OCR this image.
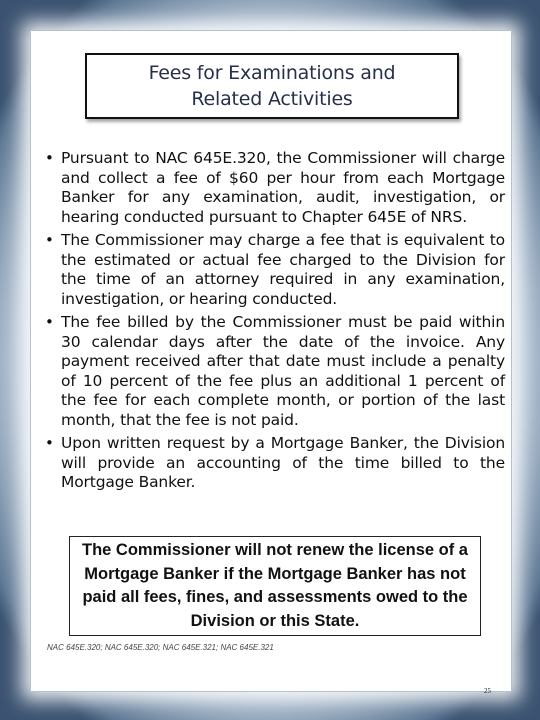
Fees for Examinations and
Related Activities
• Pursuant to NAC 645E.320, the Commissioner will charge and collect a fee of $60 per hour from each Mortgage Banker for any examination, audit, investigation, or hearing conducted pursuant to Chapter 645E of NRS.
• The Commissioner may charge a fee that is equivalent to the estimated or actual fee charged to the Division for the time of an attorney required in any examination, investigation, or hearing conducted.
• The fee billed by the Commissioner must be paid within 30 calendar days after the date of the invoice. Any payment received after that date must include a penalty of 10 percent of the fee plus an additional 1 percent of the fee for each complete month, or portion of the last month, that the fee is not paid.
• Upon written request by a Mortgage Banker, the Division will provide an accounting of the time billed to the Mortgage Banker.
The Commissioner will not renew the license of a Mortgage Banker if the Mortgage Banker has not paid all fees, fines, and assessments owed to the Division or this State.
NAC 645E.320; NAC 645E.320; NAC 645E.321; NAC 645E.321
25
